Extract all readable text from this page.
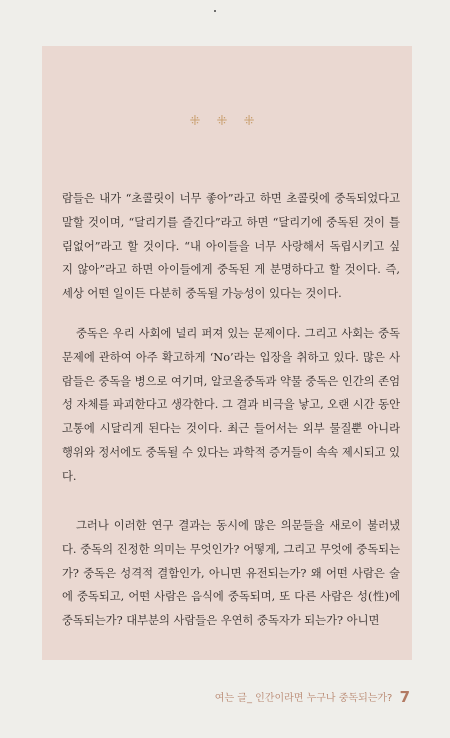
⁜ ⁜ ⁜

람들은 내가 “초콜릿이 너무 좋아”라고 하면 초콜릿에 중독되었다고 말할 것이며, “달리기를 즐긴다”라고 하면 “달리기에 중독된 것이 틀림없어”라고 할 것이다. “내 아이들을 너무 사랑해서 독립시키고 싶지 않아”라고 하면 아이들에게 중독된 게 분명하다고 할 것이다. 즉, 세상 어떤 일이든 다분히 중독될 가능성이 있다는 것이다.

중독은 우리 사회에 널리 퍼져 있는 문제이다. 그리고 사회는 중독 문제에 관하여 아주 확고하게 ‘No’라는 입장을 취하고 있다. 많은 사람들은 중독을 병으로 여기며, 알코올중독과 약물 중독은 인간의 존엄성 자체를 파괴한다고 생각한다. 그 결과 비극을 낳고, 오랜 시간 동안 고통에 시달리게 된다는 것이다. 최근 들어서는 외부 물질뿐 아니라 행위와 정서에도 중독될 수 있다는 과학적 증거들이 속속 제시되고 있다.

그러나 이러한 연구 결과는 동시에 많은 의문들을 새로이 불러냈다. 중독의 진정한 의미는 무엇인가? 어떻게, 그리고 무엇에 중독되는가? 중독은 성격적 결함인가, 아니면 유전되는가? 왜 어떤 사람은 술에 중독되고, 어떤 사람은 음식에 중독되며, 또 다른 사람은 성(性)에 중독되는가? 대부분의 사람들은 우연히 중독자가 되는가? 아니면

여는 글_ 인간이라면 누구나 중독되는가? 7
